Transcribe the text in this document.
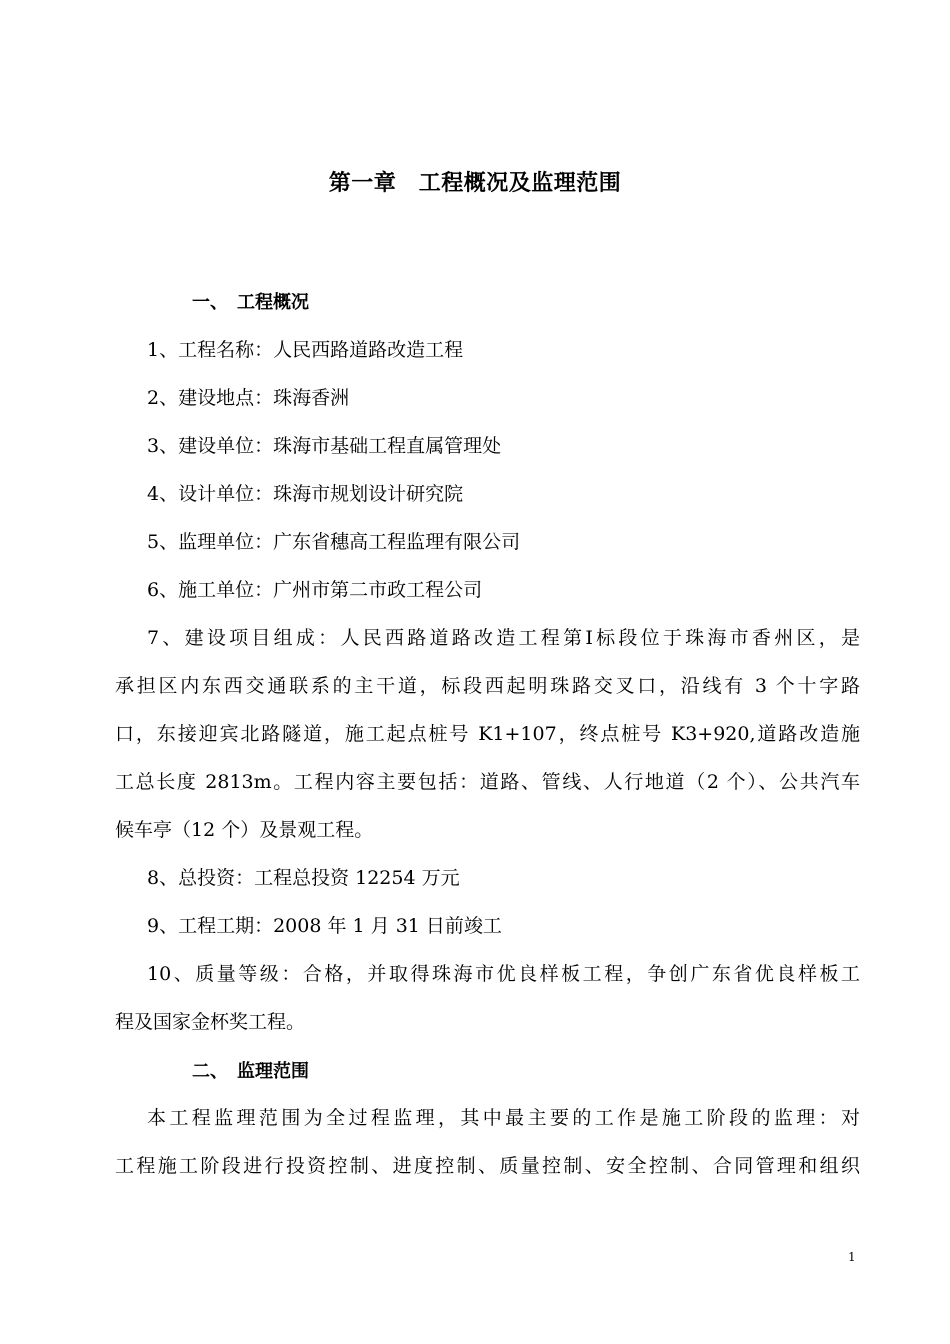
第一章　工程概况及监理范围
一、　工程概况
1、工程名称：人民西路道路改造工程
2、建设地点：珠海香洲
3、建设单位：珠海市基础工程直属管理处
4、设计单位：珠海市规划设计研究院
5、监理单位：广东省穗高工程监理有限公司
6、施工单位：广州市第二市政工程公司
7、建设项目组成：人民西路道路改造工程第Ⅰ标段位于珠海市香州区，是
承担区内东西交通联系的主干道，标段西起明珠路交叉口，沿线有 3 个十字路
口，东接迎宾北路隧道，施工起点桩号 K1+107，终点桩号 K3+920,道路改造施
工总长度 2813m。工程内容主要包括：道路、管线、人行地道（2 个）、公共汽车
候车亭（12 个）及景观工程。
8、总投资：工程总投资 12254 万元
9、工程工期：2008 年 1 月 31 日前竣工
10、质量等级：合格，并取得珠海市优良样板工程，争创广东省优良样板工
程及国家金杯奖工程。
二、　监理范围
本工程监理范围为全过程监理，其中最主要的工作是施工阶段的监理：对
工程施工阶段进行投资控制、进度控制、质量控制、安全控制、合同管理和组织
1
